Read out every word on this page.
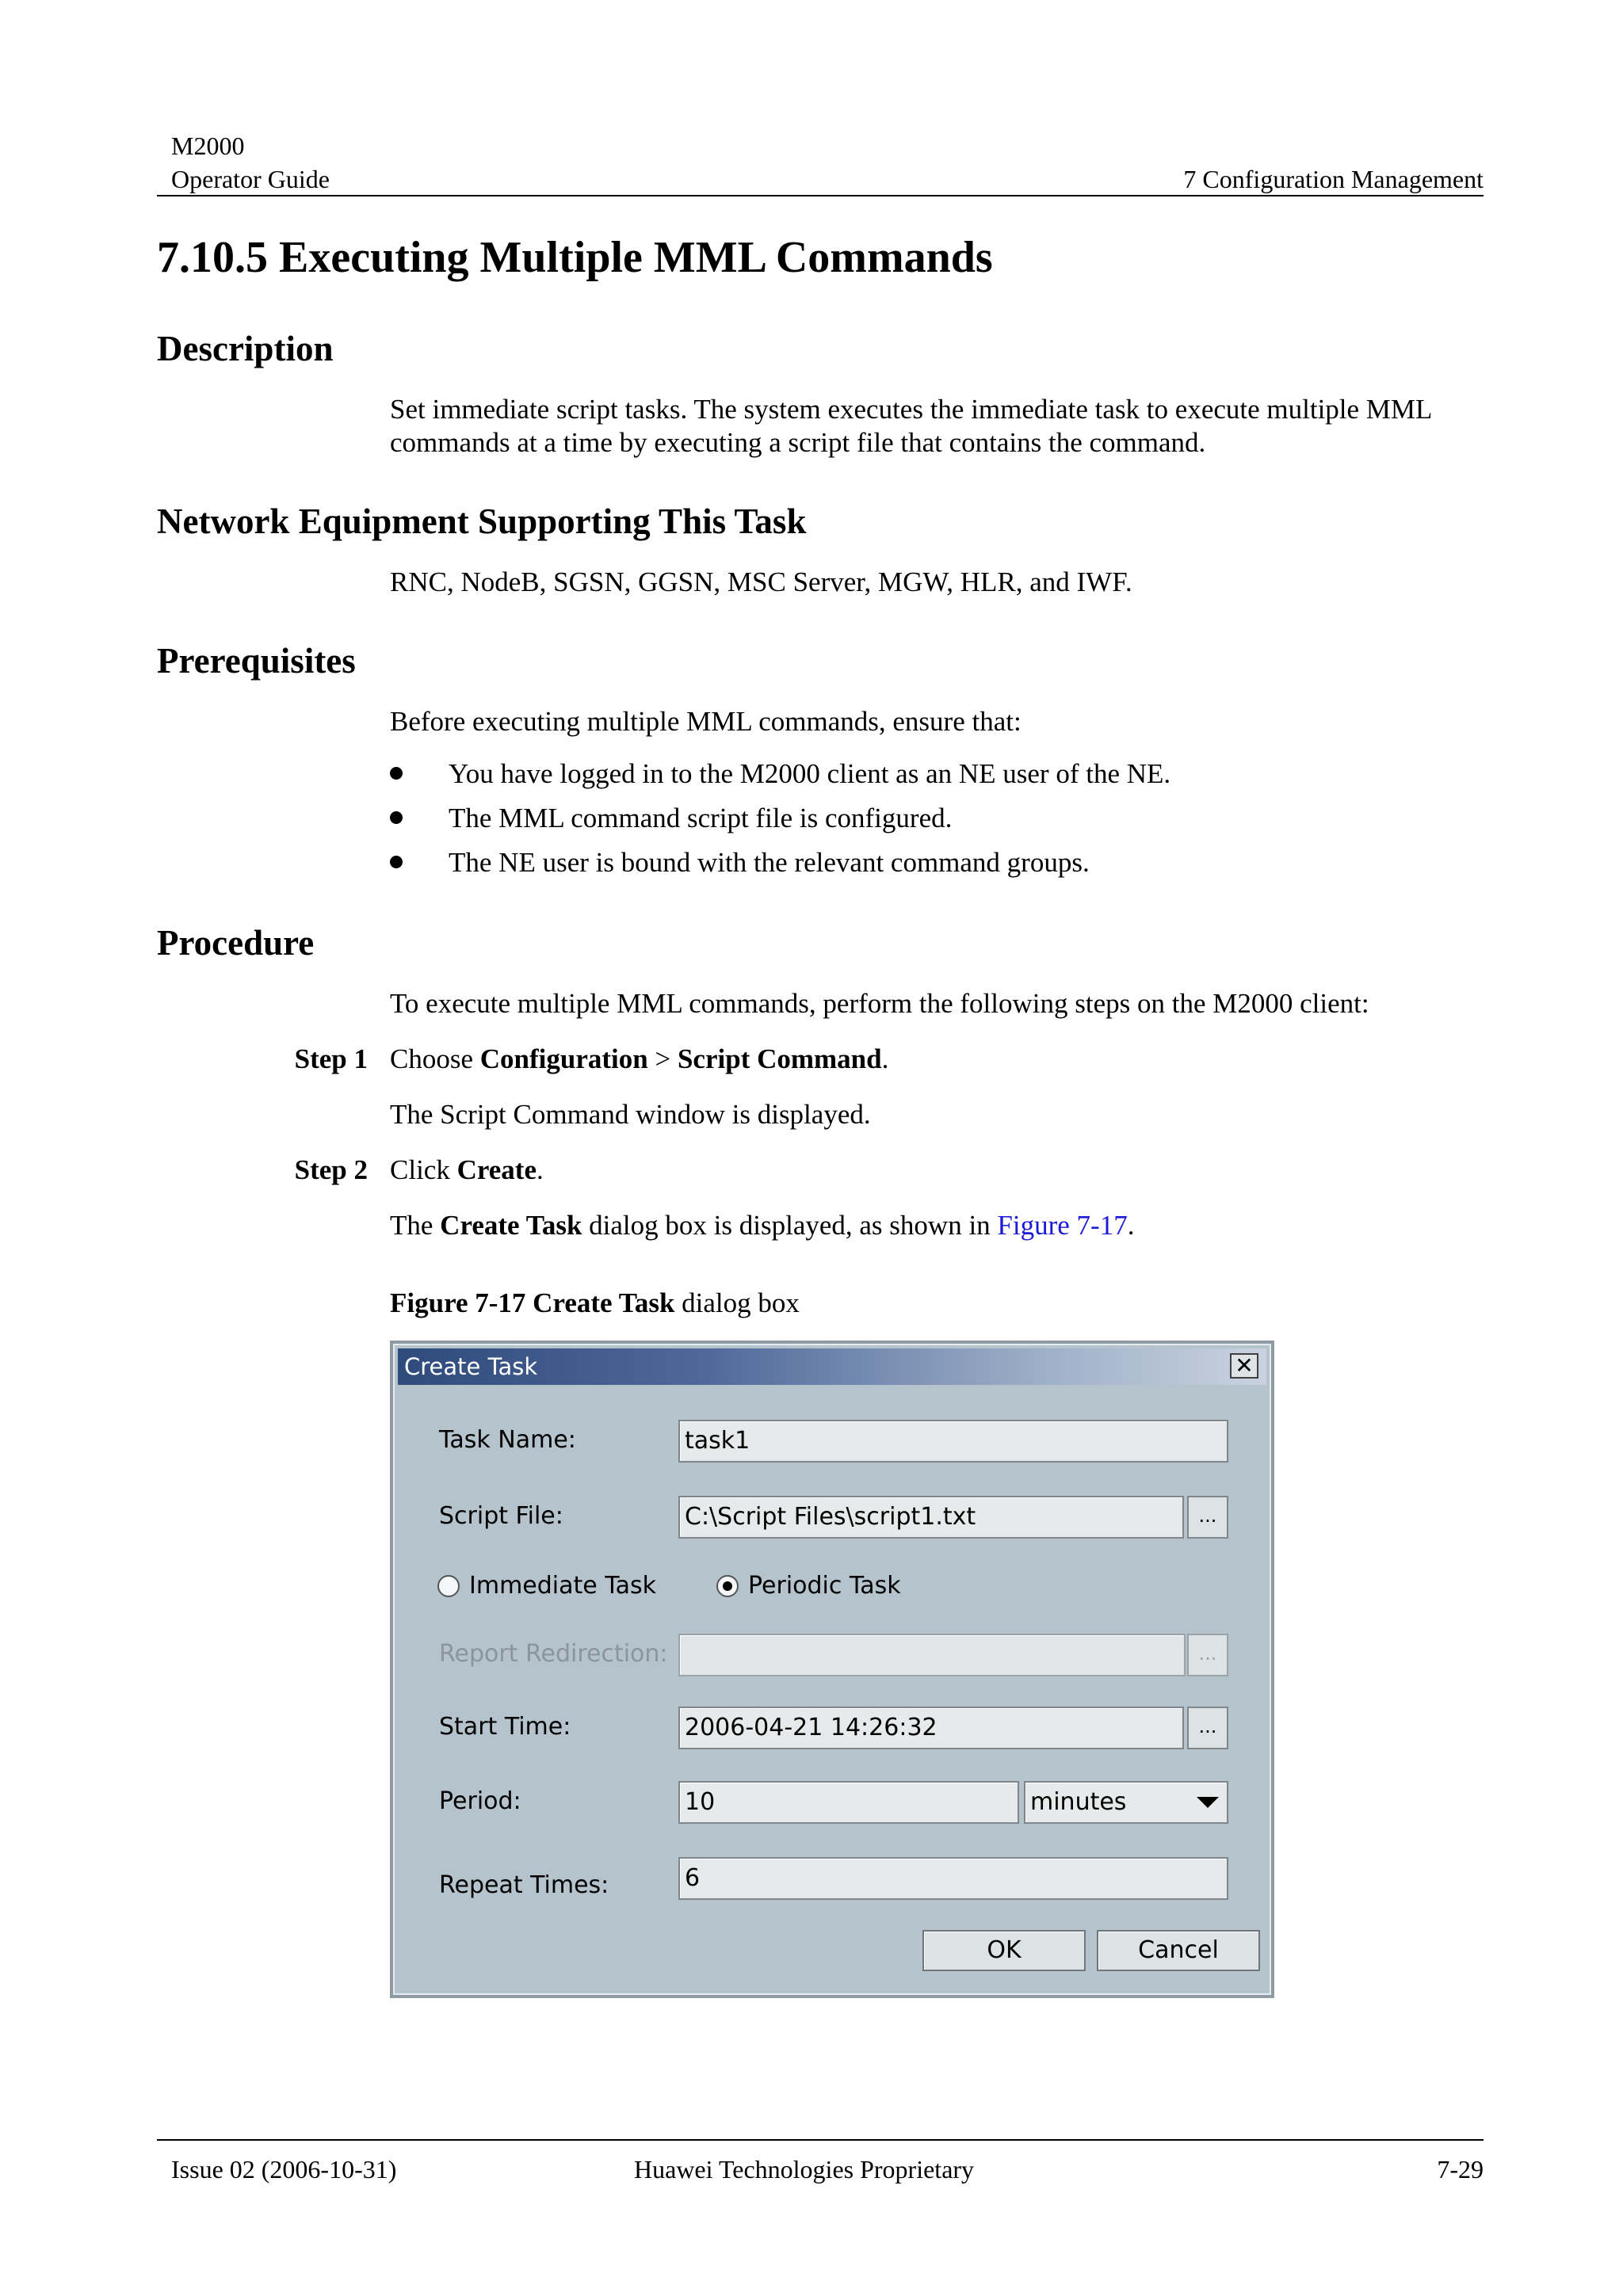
M2000
Operator Guide	7 Configuration Management
7.10.5 Executing Multiple MML Commands
Description

Set immediate script tasks. The system executes the immediate task to execute multiple MML commands at a time by executing a script file that contains the command.

Network Equipment Supporting This Task

RNC, NodeB, SGSN, GGSN, MSC Server, MGW, HLR, and IWF.

Prerequisites

Before executing multiple MML commands, ensure that:

You have logged in to the M2000 client as an NE user of the NE.
The MML command script file is configured.
The NE user is bound with the relevant command groups.
Procedure

To execute multiple MML commands, perform the following steps on the M2000 client:

Step 1 Choose Configuration > Script Command.

The Script Command window is displayed.

Step 2 Click Create.

The Create Task dialog box is displayed, as shown in Figure 7-17.

Figure 7-17 Create Task dialog box
Create Task	✕
Task Name:	task1
Script File:	C:\Script Files\script1.txt	...
Immediate Task	Periodic Task
Report Redirection:	...
Start Time:	2006-04-21 14:26:32	...
Period:	10	minutes
Repeat Times:	6
OK	Cancel
Issue 02 (2006-10-31)	Huawei Technologies Proprietary	7-29
